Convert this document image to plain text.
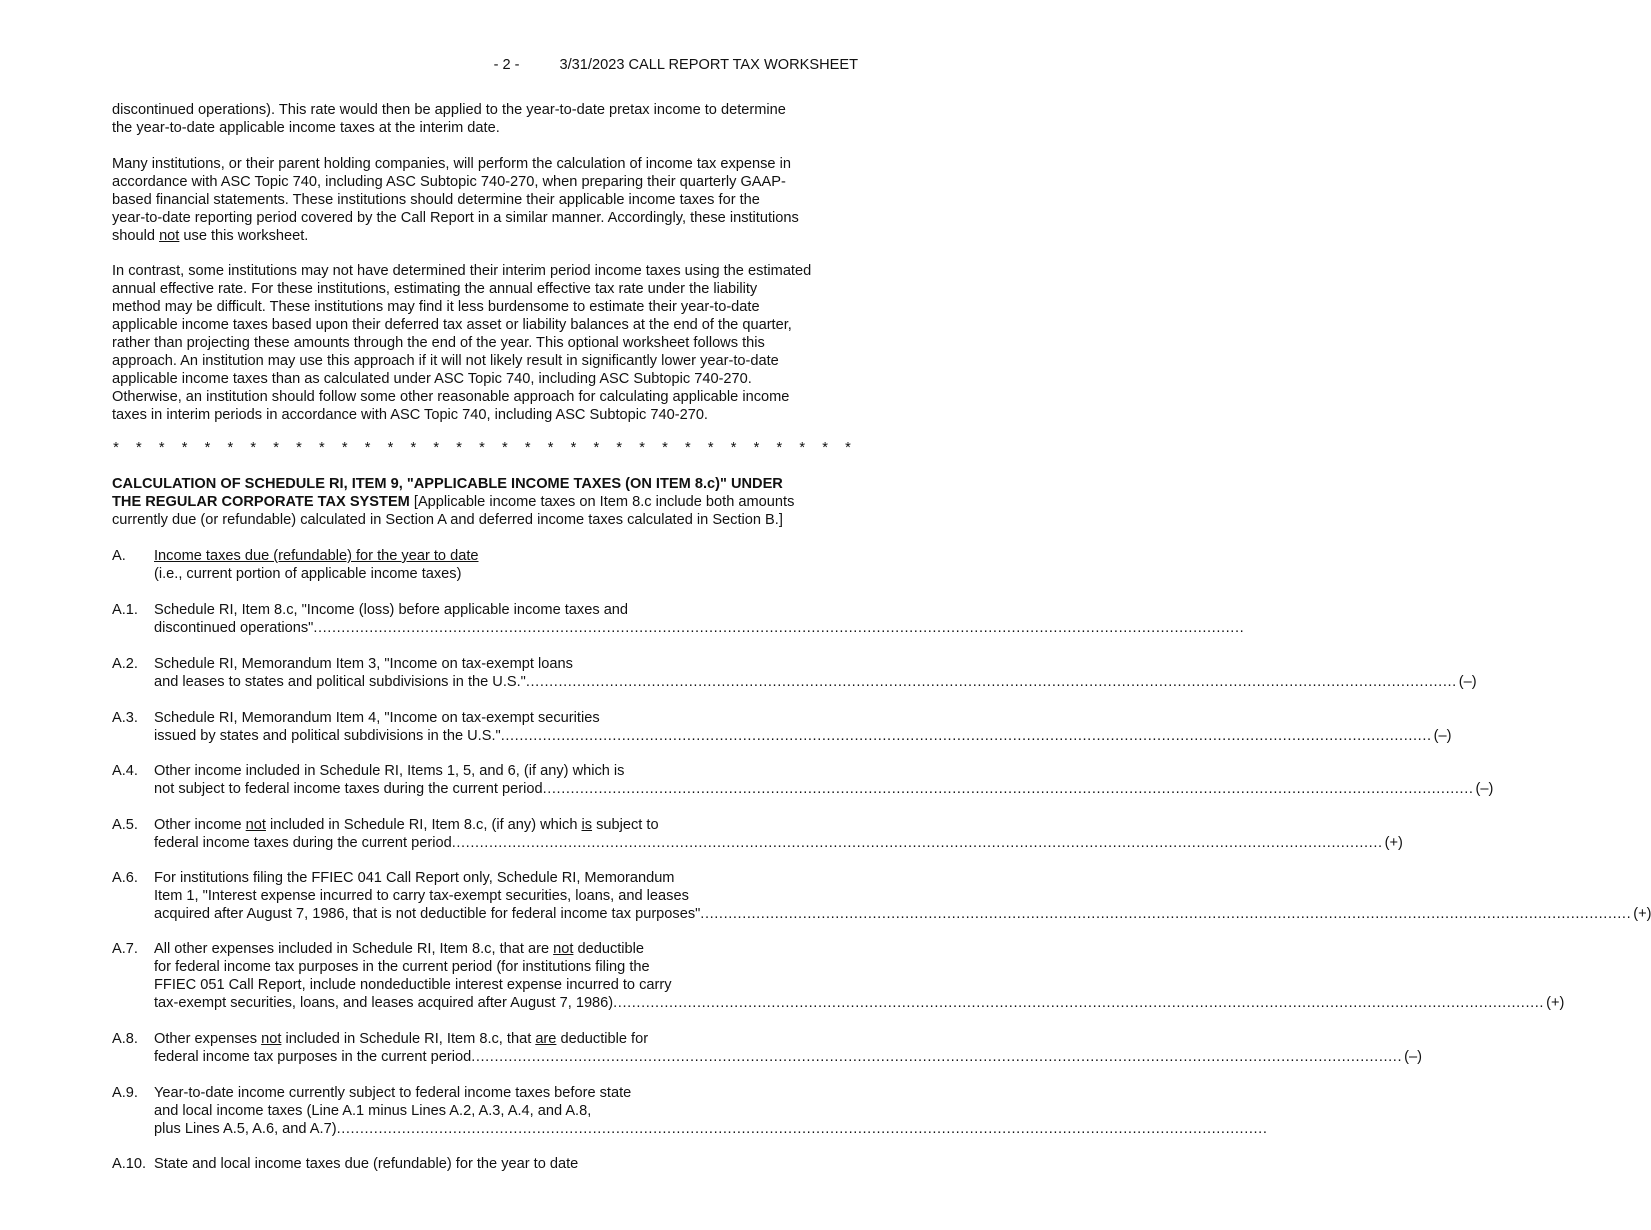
- 2 -	3/31/2023 CALL REPORT TAX WORKSHEET
discontinued operations). This rate would then be applied to the year-to-date pretax income to determine
the year-to-date applicable income taxes at the interim date.
Many institutions, or their parent holding companies, will perform the calculation of income tax expense in
accordance with ASC Topic 740, including ASC Subtopic 740-270, when preparing their quarterly GAAP-
based financial statements. These institutions should determine their applicable income taxes for the
year-to-date reporting period covered by the Call Report in a similar manner. Accordingly, these institutions
should not use this worksheet.
In contrast, some institutions may not have determined their interim period income taxes using the estimated
annual effective rate. For these institutions, estimating the annual effective tax rate under the liability
method may be difficult. These institutions may find it less burdensome to estimate their year-to-date
applicable income taxes based upon their deferred tax asset or liability balances at the end of the quarter,
rather than projecting these amounts through the end of the year. This optional worksheet follows this
approach. An institution may use this approach if it will not likely result in significantly lower year-to-date
applicable income taxes than as calculated under ASC Topic 740, including ASC Subtopic 740-270.
Otherwise, an institution should follow some other reasonable approach for calculating applicable income
taxes in interim periods in accordance with ASC Topic 740, including ASC Subtopic 740-270.
* * * * * * * * * * * * * * * * * * * * * * * * * * * * * * * * *
CALCULATION OF SCHEDULE RI, ITEM 9, "APPLICABLE INCOME TAXES (ON ITEM 8.c)" UNDER
THE REGULAR CORPORATE TAX SYSTEM [Applicable income taxes on Item 8.c include both amounts
currently due (or refundable) calculated in Section A and deferred income taxes calculated in Section B.]
A. Income taxes due (refundable) for the year to date
(i.e., current portion of applicable income taxes)
A.1. Schedule RI, Item 8.c, "Income (loss) before applicable income taxes and
discontinued operations" ........................................................................................................................................................................................................
A.2. Schedule RI, Memorandum Item 3, "Income on tax-exempt loans
and leases to states and political subdivisions in the U.S." ........................................................................................................................................................................................................ (–)
A.3. Schedule RI, Memorandum Item 4, "Income on tax-exempt securities
issued by states and political subdivisions in the U.S." ........................................................................................................................................................................................................ (–)
A.4. Other income included in Schedule RI, Items 1, 5, and 6, (if any) which is
not subject to federal income taxes during the current period ........................................................................................................................................................................................................ (–)
A.5. Other income not included in Schedule RI, Item 8.c, (if any) which is subject to
federal income taxes during the current period ........................................................................................................................................................................................................ (+)
A.6. For institutions filing the FFIEC 041 Call Report only, Schedule RI, Memorandum
Item 1, "Interest expense incurred to carry tax-exempt securities, loans, and leases
acquired after August 7, 1986, that is not deductible for federal income tax purposes" ........................................................................................................................................................................................................ (+)
A.7. All other expenses included in Schedule RI, Item 8.c, that are not deductible
for federal income tax purposes in the current period (for institutions filing the
FFIEC 051 Call Report, include nondeductible interest expense incurred to carry
tax-exempt securities, loans, and leases acquired after August 7, 1986) ........................................................................................................................................................................................................ (+)
A.8. Other expenses not included in Schedule RI, Item 8.c, that are deductible for
federal income tax purposes in the current period ........................................................................................................................................................................................................ (–)
A.9. Year-to-date income currently subject to federal income taxes before state
and local income taxes (Line A.1 minus Lines A.2, A.3, A.4, and A.8,
plus Lines A.5, A.6, and A.7) ........................................................................................................................................................................................................
A.10. State and local income taxes due (refundable) for the year to date
